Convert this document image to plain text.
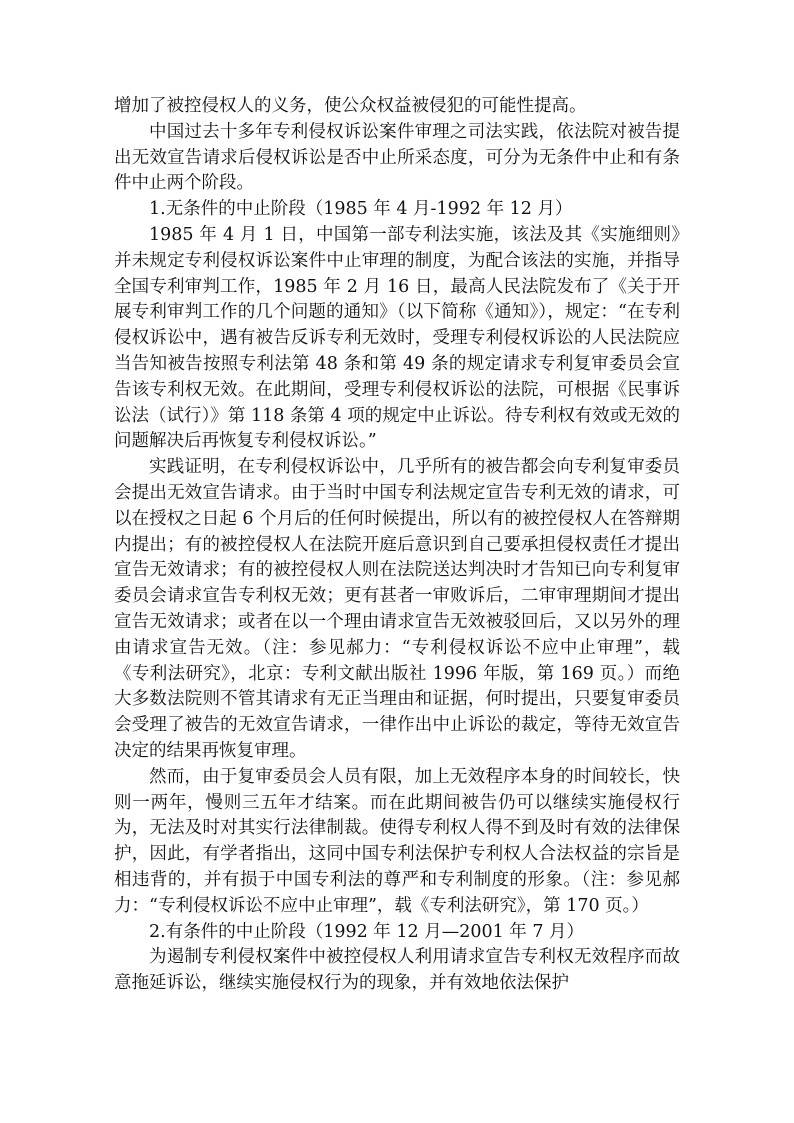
增加了被控侵权人的义务，使公众权益被侵犯的可能性提高。

中国过去十多年专利侵权诉讼案件审理之司法实践，依法院对被告提出无效宣告请求后侵权诉讼是否中止所采态度，可分为无条件中止和有条件中止两个阶段。

1.无条件的中止阶段（1985 年 4 月-1992 年 12 月）

1985 年 4 月 1 日，中国第一部专利法实施，该法及其《实施细则》并未规定专利侵权诉讼案件中止审理的制度，为配合该法的实施，并指导全国专利审判工作，1985 年 2 月 16 日，最高人民法院发布了《关于开展专利审判工作的几个问题的通知》（以下简称《通知》），规定：“在专利侵权诉讼中，遇有被告反诉专利无效时，受理专利侵权诉讼的人民法院应当告知被告按照专利法第 48 条和第 49 条的规定请求专利复审委员会宣告该专利权无效。在此期间，受理专利侵权诉讼的法院，可根据《民事诉讼法（试行）》第 118 条第 4 项的规定中止诉讼。待专利权有效或无效的问题解决后再恢复专利侵权诉讼。”

实践证明，在专利侵权诉讼中，几乎所有的被告都会向专利复审委员会提出无效宣告请求。由于当时中国专利法规定宣告专利无效的请求，可以在授权之日起 6 个月后的任何时候提出，所以有的被控侵权人在答辩期内提出；有的被控侵权人在法院开庭后意识到自己要承担侵权责任才提出宣告无效请求；有的被控侵权人则在法院送达判决时才告知已向专利复审委员会请求宣告专利权无效；更有甚者一审败诉后，二审审理期间才提出宣告无效请求；或者在以一个理由请求宣告无效被驳回后，又以另外的理由请求宣告无效。（注：参见郝力：“专利侵权诉讼不应中止审理”，载《专利法研究》，北京：专利文献出版社 1996 年版，第 169 页。）而绝大多数法院则不管其请求有无正当理由和证据，何时提出，只要复审委员会受理了被告的无效宣告请求，一律作出中止诉讼的裁定，等待无效宣告决定的结果再恢复审理。

然而，由于复审委员会人员有限，加上无效程序本身的时间较长，快则一两年，慢则三五年才结案。而在此期间被告仍可以继续实施侵权行为，无法及时对其实行法律制裁。使得专利权人得不到及时有效的法律保护，因此，有学者指出，这同中国专利法保护专利权人合法权益的宗旨是相违背的，并有损于中国专利法的尊严和专利制度的形象。（注：参见郝力：“专利侵权诉讼不应中止审理”，载《专利法研究》，第 170 页。）

2.有条件的中止阶段（1992 年 12 月—2001 年 7 月）

为遏制专利侵权案件中被控侵权人利用请求宣告专利权无效程序而故意拖延诉讼，继续实施侵权行为的现象，并有效地依法保护
